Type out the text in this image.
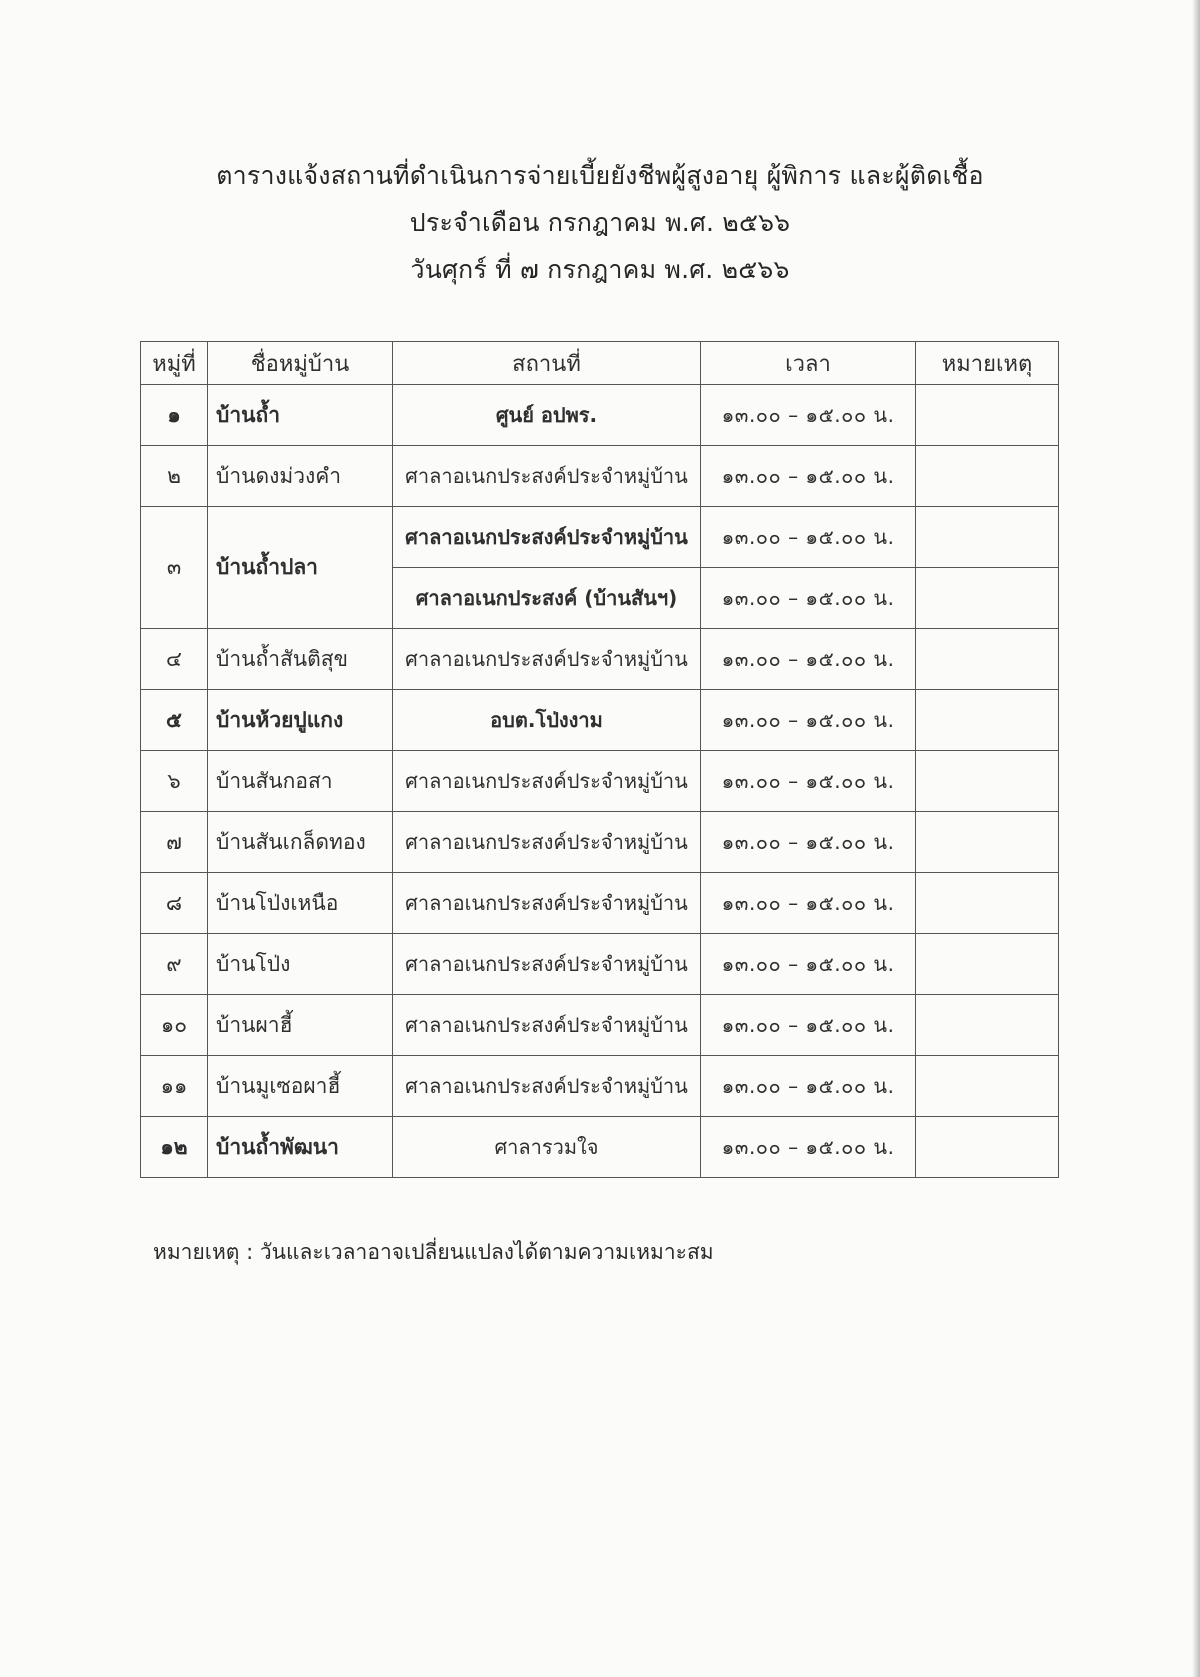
ตารางแจ้งสถานที่ดำเนินการจ่ายเบี้ยยังชีพผู้สูงอายุ ผู้พิการ และผู้ติดเชื้อ
ประจำเดือน กรกฎาคม พ.ศ. ๒๕๖๖
วันศุกร์ ที่ ๗ กรกฎาคม พ.ศ. ๒๕๖๖
หมู่ที่	ชื่อหมู่บ้าน	สถานที่	เวลา	หมายเหตุ
๑	บ้านถ้ำ	ศูนย์ อปพร.	๑๓.๐๐ – ๑๕.๐๐ น.	
๒	บ้านดงม่วงคำ	ศาลาอเนกประสงค์ประจำหมู่บ้าน	๑๓.๐๐ – ๑๕.๐๐ น.	
๓	บ้านถ้ำปลา	ศาลาอเนกประสงค์ประจำหมู่บ้าน	๑๓.๐๐ – ๑๕.๐๐ น.	
		ศาลาอเนกประสงค์ (บ้านสันฯ)	๑๓.๐๐ – ๑๕.๐๐ น.	
๔	บ้านถ้ำสันติสุข	ศาลาอเนกประสงค์ประจำหมู่บ้าน	๑๓.๐๐ – ๑๕.๐๐ น.	
๕	บ้านห้วยปูแกง	อบต.โป่งงาม	๑๓.๐๐ – ๑๕.๐๐ น.	
๖	บ้านสันกอสา	ศาลาอเนกประสงค์ประจำหมู่บ้าน	๑๓.๐๐ – ๑๕.๐๐ น.	
๗	บ้านสันเกล็ดทอง	ศาลาอเนกประสงค์ประจำหมู่บ้าน	๑๓.๐๐ – ๑๕.๐๐ น.	
๘	บ้านโป่งเหนือ	ศาลาอเนกประสงค์ประจำหมู่บ้าน	๑๓.๐๐ – ๑๕.๐๐ น.	
๙	บ้านโป่ง	ศาลาอเนกประสงค์ประจำหมู่บ้าน	๑๓.๐๐ – ๑๕.๐๐ น.	
๑๐	บ้านผาฮี้	ศาลาอเนกประสงค์ประจำหมู่บ้าน	๑๓.๐๐ – ๑๕.๐๐ น.	
๑๑	บ้านมูเซอผาฮี้	ศาลาอเนกประสงค์ประจำหมู่บ้าน	๑๓.๐๐ – ๑๕.๐๐ น.	
๑๒	บ้านถ้ำพัฒนา	ศาลารวมใจ	๑๓.๐๐ – ๑๕.๐๐ น.	
หมายเหตุ : วันและเวลาอาจเปลี่ยนแปลงได้ตามความเหมาะสม
